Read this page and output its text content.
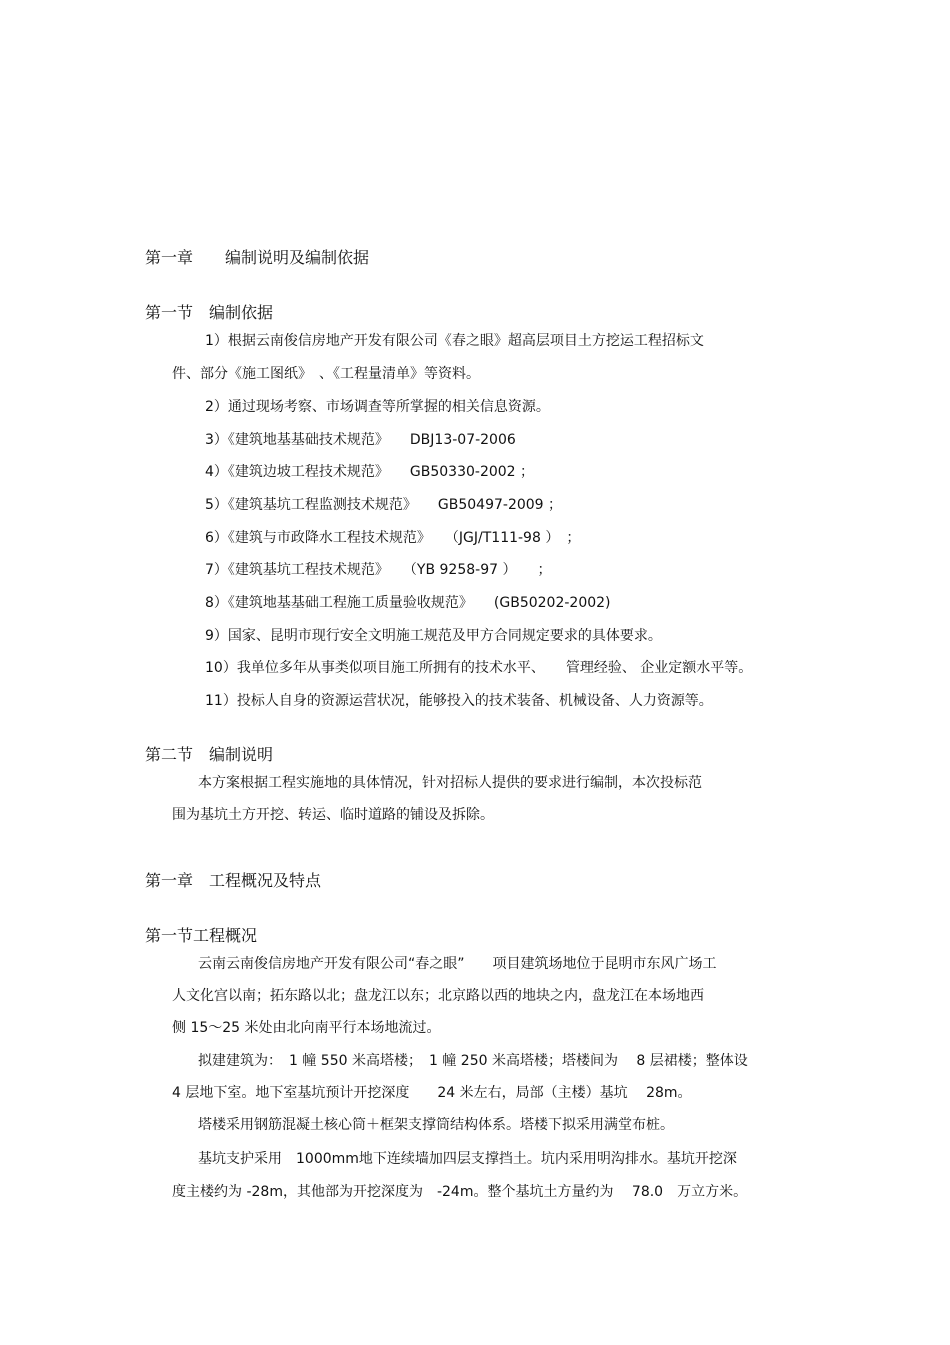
第一章　　编制说明及编制依据
第一节　编制依据
1）根据云南俊信房地产开发有限公司《春之眼》超高层项目土方挖运工程招标文
件、部分《施工图纸》　、《工程量清单》等资料。
2）通过现场考察、市场调查等所掌握的相关信息资源。
3）《建筑地基基础技术规范》　　DBJ13-07-2006
4）《建筑边坡工程技术规范》　　GB50330-2002 ；
5）《建筑基坑工程监测技术规范》　　GB50497-2009 ；
6）《建筑与市政降水工程技术规范》　　（JGJ/T111-98 ）　；
7）《建筑基坑工程技术规范》　　（YB 9258-97 ）　　；
8）《建筑地基基础工程施工质量验收规范》　　(GB50202-2002)
9）国家、昆明市现行安全文明施工规范及甲方合同规定要求的具体要求。
10）我单位多年从事类似项目施工所拥有的技术水平、　　管理经验、 企业定额水平等。
11）投标人自身的资源运营状况，能够投入的技术装备、机械设备、人力资源等。
第二节　编制说明
本方案根据工程实施地的具体情况，针对招标人提供的要求进行编制，本次投标范
围为基坑土方开挖、转运、临时道路的铺设及拆除。
第一章　工程概况及特点
第一节工程概况
云南云南俊信房地产开发有限公司“春之眼”　　项目建筑场地位于昆明市东风广场工
人文化宫以南；拓东路以北；盘龙江以东；北京路以西的地块之内，盘龙江在本场地西
侧 15～25 米处由北向南平行本场地流过。
拟建建筑为：　1 幢 550 米高塔楼；　1 幢 250 米高塔楼；塔楼间为　 8 层裙楼；整体设
4 层地下室。地下室基坑预计开挖深度　　24 米左右，局部（主楼）基坑　 28m。
塔楼采用钢筋混凝土核心筒＋框架支撑筒结构体系。塔楼下拟采用满堂布桩。
基坑支护采用　1000mm地下连续墙加四层支撑挡土。坑内采用明沟排水。基坑开挖深
度主楼约为 -28m，其他部为开挖深度为　-24m。整个基坑土方量约为　 78.0　万立方米。
